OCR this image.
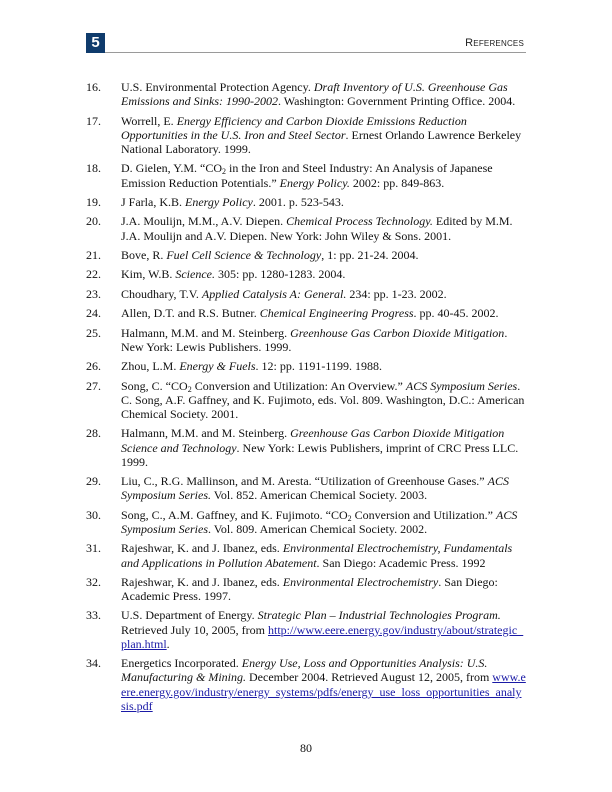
5	References
16.	U.S. Environmental Protection Agency. Draft Inventory of U.S. Greenhouse Gas Emissions and Sinks: 1990-2002. Washington: Government Printing Office. 2004.
17.	Worrell, E. Energy Efficiency and Carbon Dioxide Emissions Reduction Opportunities in the U.S. Iron and Steel Sector. Ernest Orlando Lawrence Berkeley National Laboratory. 1999.
18.	D. Gielen, Y.M. “$CO_2$ in the Iron and Steel Industry: An Analysis of Japanese Emission Reduction Potentials.” Energy Policy. 2002: pp. 849-863.
19.	J Farla, K.B. Energy Policy. 2001. p. 523-543.
20.	J.A. Moulijn, M.M., A.V. Diepen. Chemical Process Technology. Edited by M.M. J.A. Moulijn and A.V. Diepen. New York: John Wiley & Sons. 2001.
21.	Bove, R. Fuel Cell Science & Technology, 1: pp. 21-24. 2004.
22.	Kim, W.B. Science. 305: pp. 1280-1283. 2004.
23.	Choudhary, T.V. Applied Catalysis A: General. 234: pp. 1-23. 2002.
24.	Allen, D.T. and R.S. Butner. Chemical Engineering Progress. pp. 40-45. 2002.
25.	Halmann, M.M. and M. Steinberg. Greenhouse Gas Carbon Dioxide Mitigation. New York: Lewis Publishers. 1999.
26.	Zhou, L.M. Energy & Fuels. 12: pp. 1191-1199. 1988.
27.	Song, C. “$CO_2$ Conversion and Utilization: An Overview.” ACS Symposium Series. C. Song, A.F. Gaffney, and K. Fujimoto, eds. Vol. 809. Washington, D.C.: American Chemical Society. 2001.
28.	Halmann, M.M. and M. Steinberg. Greenhouse Gas Carbon Dioxide Mitigation Science and Technology. New York: Lewis Publishers, imprint of CRC Press LLC. 1999.
29.	Liu, C., R.G. Mallinson, and M. Aresta. “Utilization of Greenhouse Gases.” ACS Symposium Series. Vol. 852. American Chemical Society. 2003.
30.	Song, C., A.M. Gaffney, and K. Fujimoto. “$CO_2$ Conversion and Utilization.” ACS Symposium Series. Vol. 809. American Chemical Society. 2002.
31.	Rajeshwar, K. and J. Ibanez, eds. Environmental Electrochemistry, Fundamentals and Applications in Pollution Abatement. San Diego: Academic Press. 1992
32.	Rajeshwar, K. and J. Ibanez, eds. Environmental Electrochemistry. San Diego: Academic Press. 1997.
33.	U.S. Department of Energy. Strategic Plan – Industrial Technologies Program. Retrieved July 10, 2005, from http://www.eere.energy.gov/industry/about/strategic_plan.html.
34.	Energetics Incorporated. Energy Use, Loss and Opportunities Analysis: U.S. Manufacturing & Mining. December 2004. Retrieved August 12, 2005, from www.eere.energy.gov/industry/energy_systems/pdfs/energy_use_loss_opportunities_analysis.pdf
80
